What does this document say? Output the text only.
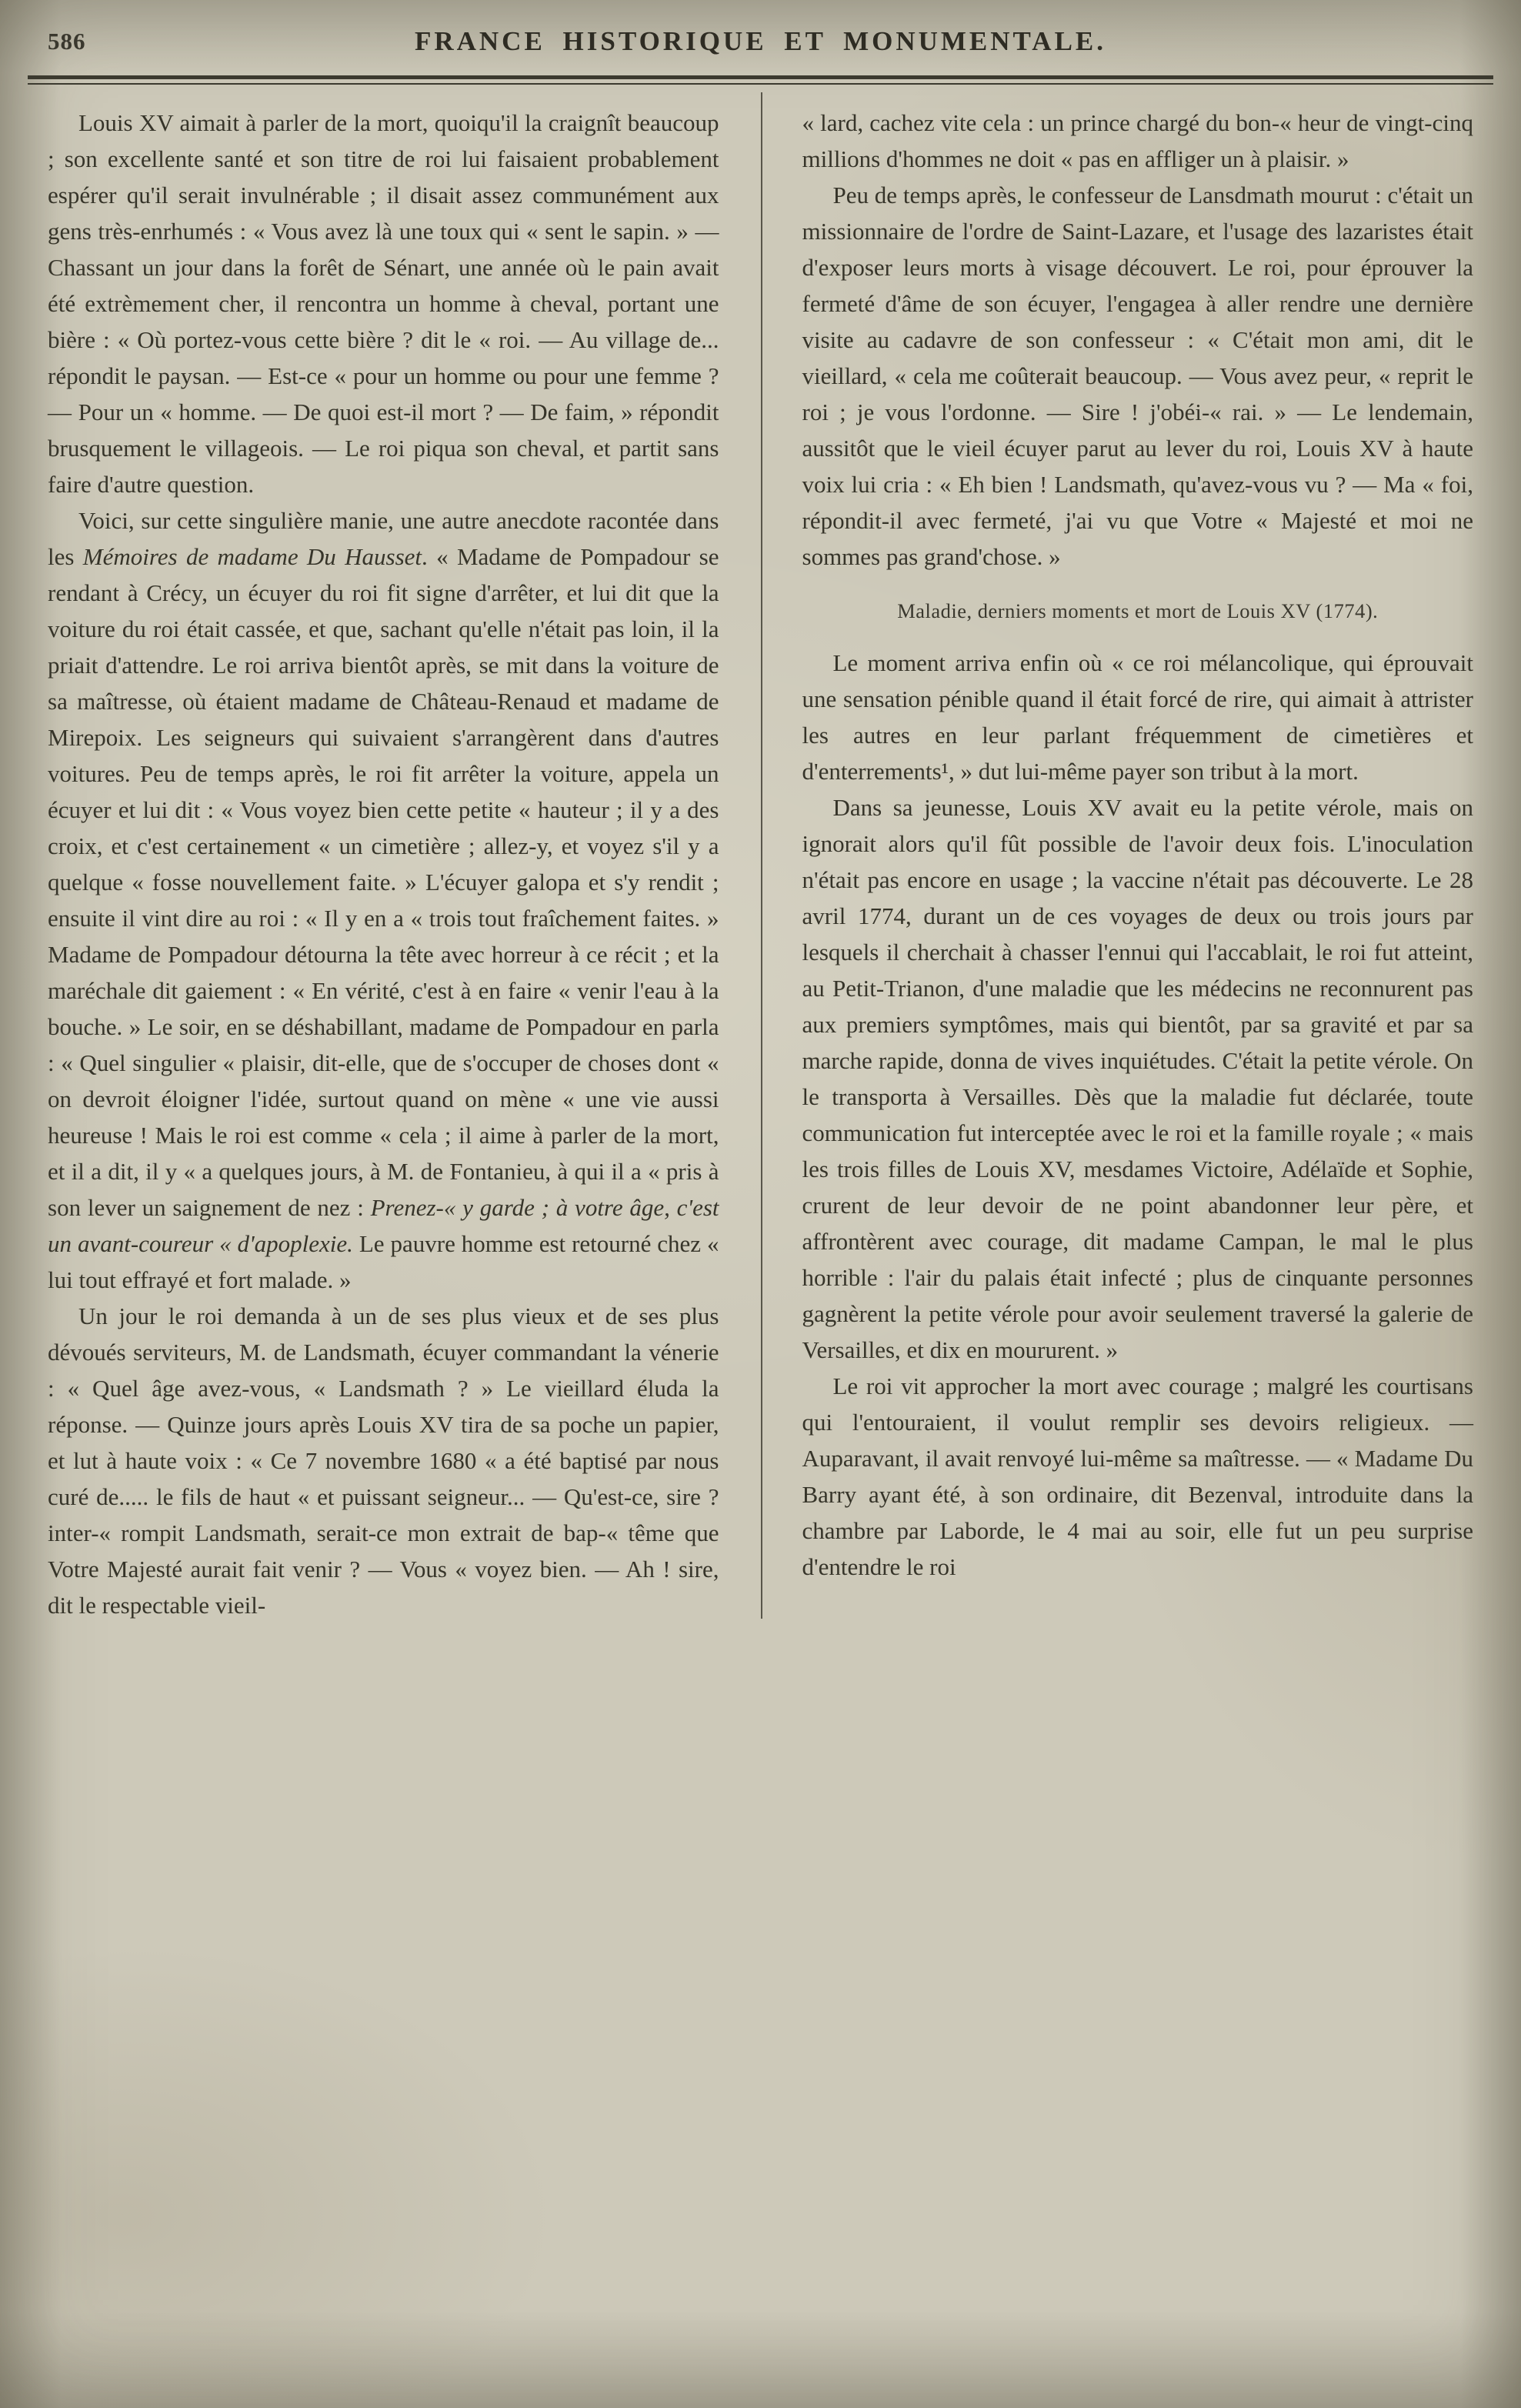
586	FRANCE HISTORIQUE ET MONUMENTALE.

Louis XV aimait à parler de la mort, quoiqu'il la craignît beaucoup ; son excellente santé et son titre de roi lui faisaient probablement espérer qu'il serait invulnérable ; il disait assez communément aux gens très-enrhumés : « Vous avez là une toux qui « sent le sapin. » — Chassant un jour dans la forêt de Sénart, une année où le pain avait été extrèmement cher, il rencontra un homme à cheval, portant une bière : « Où portez-vous cette bière ? dit le « roi. — Au village de... répondit le paysan. — Est-ce « pour un homme ou pour une femme ? — Pour un « homme. — De quoi est-il mort ? — De faim, » répondit brusquement le villageois. — Le roi piqua son cheval, et partit sans faire d'autre question.

Voici, sur cette singulière manie, une autre anecdote racontée dans les Mémoires de madame Du Hausset. « Madame de Pompadour se rendant à Crécy, un écuyer du roi fit signe d'arrêter, et lui dit que la voiture du roi était cassée, et que, sachant qu'elle n'était pas loin, il la priait d'attendre. Le roi arriva bientôt après, se mit dans la voiture de sa maîtresse, où étaient madame de Château-Renaud et madame de Mirepoix. Les seigneurs qui suivaient s'arrangèrent dans d'autres voitures. Peu de temps après, le roi fit arrêter la voiture, appela un écuyer et lui dit : « Vous voyez bien cette petite « hauteur ; il y a des croix, et c'est certainement « un cimetière ; allez-y, et voyez s'il y a quelque « fosse nouvellement faite. » L'écuyer galopa et s'y rendit ; ensuite il vint dire au roi : « Il y en a « trois tout fraîchement faites. » Madame de Pompadour détourna la tête avec horreur à ce récit ; et la maréchale dit gaiement : « En vérité, c'est à en faire « venir l'eau à la bouche. » Le soir, en se déshabillant, madame de Pompadour en parla : « Quel singulier « plaisir, dit-elle, que de s'occuper de choses dont « on devroit éloigner l'idée, surtout quand on mène « une vie aussi heureuse ! Mais le roi est comme « cela ; il aime à parler de la mort, et il a dit, il y « a quelques jours, à M. de Fontanieu, à qui il a « pris à son lever un saignement de nez : Prenez-« y garde ; à votre âge, c'est un avant-coureur « d'apoplexie. Le pauvre homme est retourné chez « lui tout effrayé et fort malade. »

Un jour le roi demanda à un de ses plus vieux et de ses plus dévoués serviteurs, M. de Landsmath, écuyer commandant la vénerie : « Quel âge avez-vous, « Landsmath ? » Le vieillard éluda la réponse. — Quinze jours après Louis XV tira de sa poche un papier, et lut à haute voix : « Ce 7 novembre 1680 « a été baptisé par nous curé de..... le fils de haut « et puissant seigneur... — Qu'est-ce, sire ? inter-« rompit Landsmath, serait-ce mon extrait de bap-« tême que Votre Majesté aurait fait venir ? — Vous « voyez bien. — Ah ! sire, dit le respectable vieil-

« lard, cachez vite cela : un prince chargé du bon-« heur de vingt-cinq millions d'hommes ne doit « pas en affliger un à plaisir. »

Peu de temps après, le confesseur de Lansdmath mourut : c'était un missionnaire de l'ordre de Saint-Lazare, et l'usage des lazaristes était d'exposer leurs morts à visage découvert. Le roi, pour éprouver la fermeté d'âme de son écuyer, l'engagea à aller rendre une dernière visite au cadavre de son confesseur : « C'était mon ami, dit le vieillard, « cela me coûterait beaucoup. — Vous avez peur, « reprit le roi ; je vous l'ordonne. — Sire ! j'obéi-« rai. » — Le lendemain, aussitôt que le vieil écuyer parut au lever du roi, Louis XV à haute voix lui cria : « Eh bien ! Landsmath, qu'avez-vous vu ? — Ma « foi, répondit-il avec fermeté, j'ai vu que Votre « Majesté et moi ne sommes pas grand'chose. »

Maladie, derniers moments et mort de Louis XV (1774).

Le moment arriva enfin où « ce roi mélancolique, qui éprouvait une sensation pénible quand il était forcé de rire, qui aimait à attrister les autres en leur parlant fréquemment de cimetières et d'enterrements¹, » dut lui-même payer son tribut à la mort.

Dans sa jeunesse, Louis XV avait eu la petite vérole, mais on ignorait alors qu'il fût possible de l'avoir deux fois. L'inoculation n'était pas encore en usage ; la vaccine n'était pas découverte. Le 28 avril 1774, durant un de ces voyages de deux ou trois jours par lesquels il cherchait à chasser l'ennui qui l'accablait, le roi fut atteint, au Petit-Trianon, d'une maladie que les médecins ne reconnurent pas aux premiers symptômes, mais qui bientôt, par sa gravité et par sa marche rapide, donna de vives inquiétudes. C'était la petite vérole. On le transporta à Versailles. Dès que la maladie fut déclarée, toute communication fut interceptée avec le roi et la famille royale ; « mais les trois filles de Louis XV, mesdames Victoire, Adélaïde et Sophie, crurent de leur devoir de ne point abandonner leur père, et affrontèrent avec courage, dit madame Campan, le mal le plus horrible : l'air du palais était infecté ; plus de cinquante personnes gagnèrent la petite vérole pour avoir seulement traversé la galerie de Versailles, et dix en moururent. »

Le roi vit approcher la mort avec courage ; malgré les courtisans qui l'entouraient, il voulut remplir ses devoirs religieux. — Auparavant, il avait renvoyé lui-même sa maîtresse. — « Madame Du Barry ayant été, à son ordinaire, dit Bezenval, introduite dans la chambre par Laborde, le 4 mai au soir, elle fut un peu surprise d'entendre le roi
